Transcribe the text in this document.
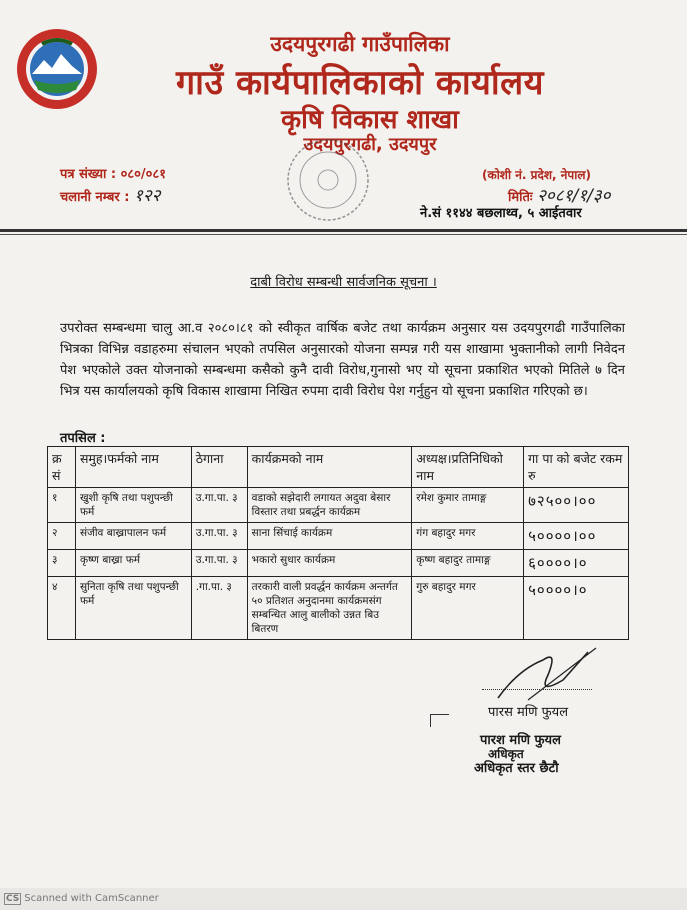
उदयपुरगढी गाउँपालिका
गाउँ कार्यपालिकाको कार्यालय
कृषि विकास शाखा
उदयपुरगढी, उदयपुर
पत्र संख्या : ०८०/०८१
चलानी नम्बर : १२२
(कोशी नं. प्रदेश, नेपाल)
मितिः २०८१/१/३०
ने.सं ११४४ बछलाथ्व, ५ आईतवार
दाबी विरोध सम्बन्धी सार्वजनिक सूचना ।
उपरोक्त सम्बन्धमा चालु आ.व २०८०।८१ को स्वीकृत वार्षिक बजेट तथा कार्यक्रम अनुसार यस उदयपुरगढी गाउँपालिका भित्रका विभिन्न वडाहरुमा संचालन भएको तपसिल अनुसारको योजना सम्पन्न गरी यस शाखामा भुक्तानीको लागी निवेदन पेश भएकोले उक्त योजनाको सम्बन्धमा कसैको कुनै दावी विरोध,गुनासो भए यो सूचना प्रकाशित भएको मितिले ७ दिन भित्र यस कार्यालयको कृषि विकास शाखामा निखित रुपमा दावी विरोध पेश गर्नुहुन यो सूचना प्रकाशित गरिएको छ।
तपसिल :
क्र सं	समुह।फर्मको नाम	ठेगाना	कार्यक्रमको नाम	अध्यक्ष।प्रतिनिधिको नाम	गा पा को बजेट रकम रु
१	खुशी कृषि तथा पशुपन्छी फर्म	उ.गा.पा. ३	वडाको सझेदारी लगायत अदुवा बेसार विस्तार तथा प्रबर्द्धन कार्यक्रम	रमेश कुमार तामाङ्ग	७२५००।००
२	संजीव बाख्रापालन फर्म	उ.गा.पा. ३	साना सिंचाई कार्यक्रम	गंग बहादुर मगर	५००००।००
३	कृष्ण बाख्रा फर्म	उ.गा.पा. ३	भकारो सुधार कार्यक्रम	कृष्ण बहादुर तामाङ्ग	६००००।०
४	सुनिता कृषि तथा पशुपन्छी फर्म	.गा.पा. ३	तरकारी वाली प्रवर्द्धन कार्यक्रम अन्तर्गत ५० प्रतिशत अनुदानमा कार्यक्रमसंग सम्बन्धित आलु बालीको उन्नत बिउ बितरण	गुरु बहादुर मगर	५००००।०
पारस मणि फुयल
पारश मणि फुयल
अधिकृत
अधिकृत स्तर छैटौ
CS Scanned with CamScanner
